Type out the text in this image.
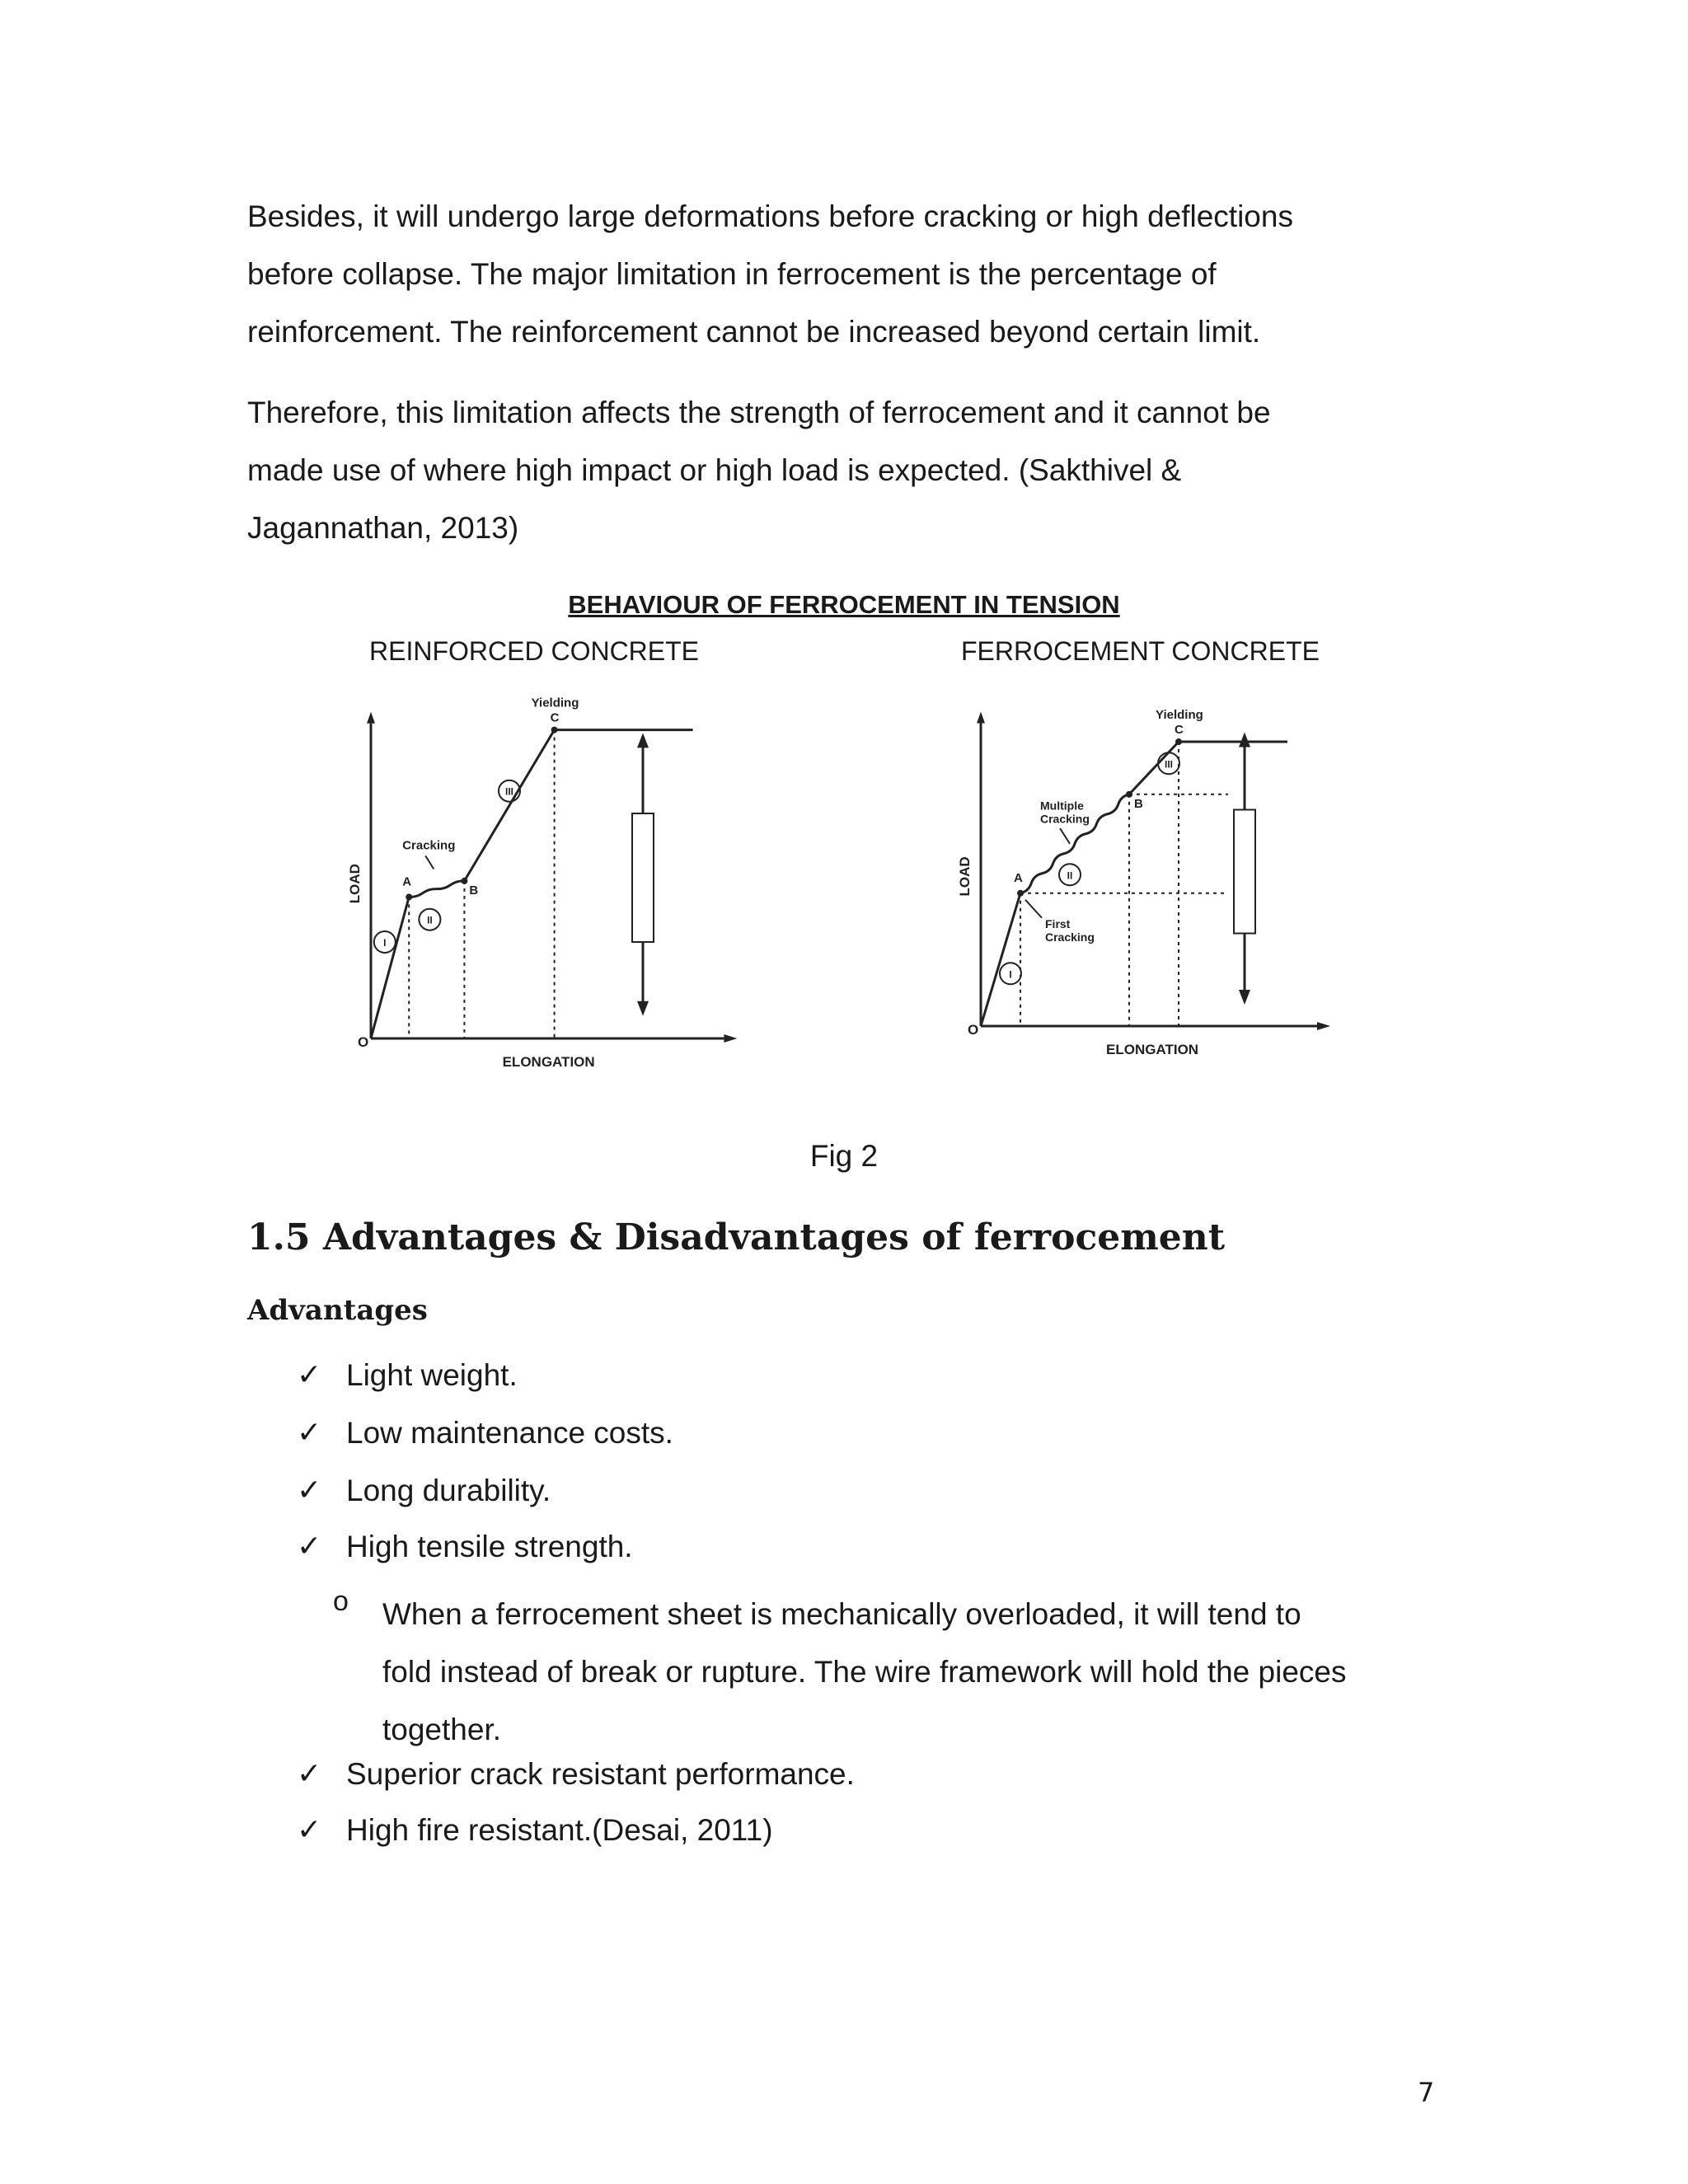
Besides, it will undergo large deformations before cracking or high deflections
before collapse. The major limitation in ferrocement is the percentage of
reinforcement. The reinforcement cannot be increased beyond certain limit.

Therefore, this limitation affects the strength of ferrocement and it cannot be
made use of where high impact or high load is expected. (Sakthivel &
Jagannathan, 2013)

BEHAVIOUR OF FERROCEMENT IN TENSION

REINFORCED CONCRETE	FERROCEMENT CONCRETE

ELONGATION
LOAD
O
A
B
C
Yielding
Cracking
I
II
III
ELONGATION
LOAD
O
A
B
C
Yielding
Multiple
Cracking
First
Cracking
I
II
III

Fig 2

1.5 Advantages & Disadvantages of ferrocement
Advantages
✓ Light weight.
✓ Low maintenance costs.
✓ Long durability.
✓ High tensile strength.
o When a ferrocement sheet is mechanically overloaded, it will tend to
fold instead of break or rupture. The wire framework will hold the pieces
together.
✓ Superior crack resistant performance.
✓ High fire resistant.(Desai, 2011)

7
